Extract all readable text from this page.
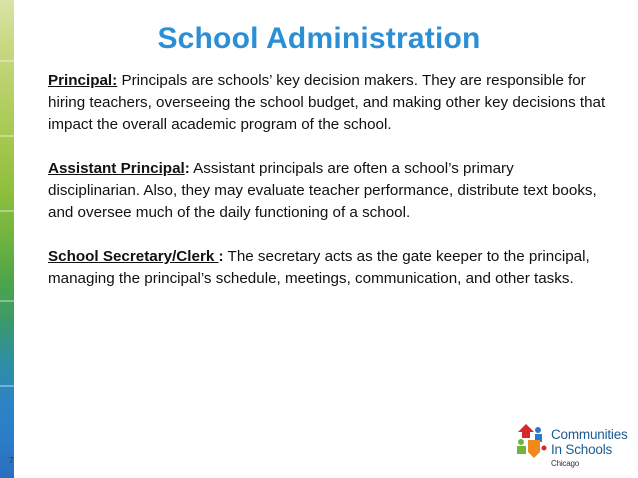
School Administration

Principal: Principals are schools’ key decision makers. They are responsible for hiring teachers, overseeing the school budget, and making other key decisions that impact the overall academic program of the school.

Assistant Principal: Assistant principals are often a school’s primary disciplinarian. Also, they may evaluate teacher performance, distribute text books, and oversee much of the daily functioning of a school.

School Secretary/Clerk : The secretary acts as the gate keeper to the principal, managing the principal’s schedule, meetings, communication, and other tasks.

7
Communities
In Schools
Chicago
